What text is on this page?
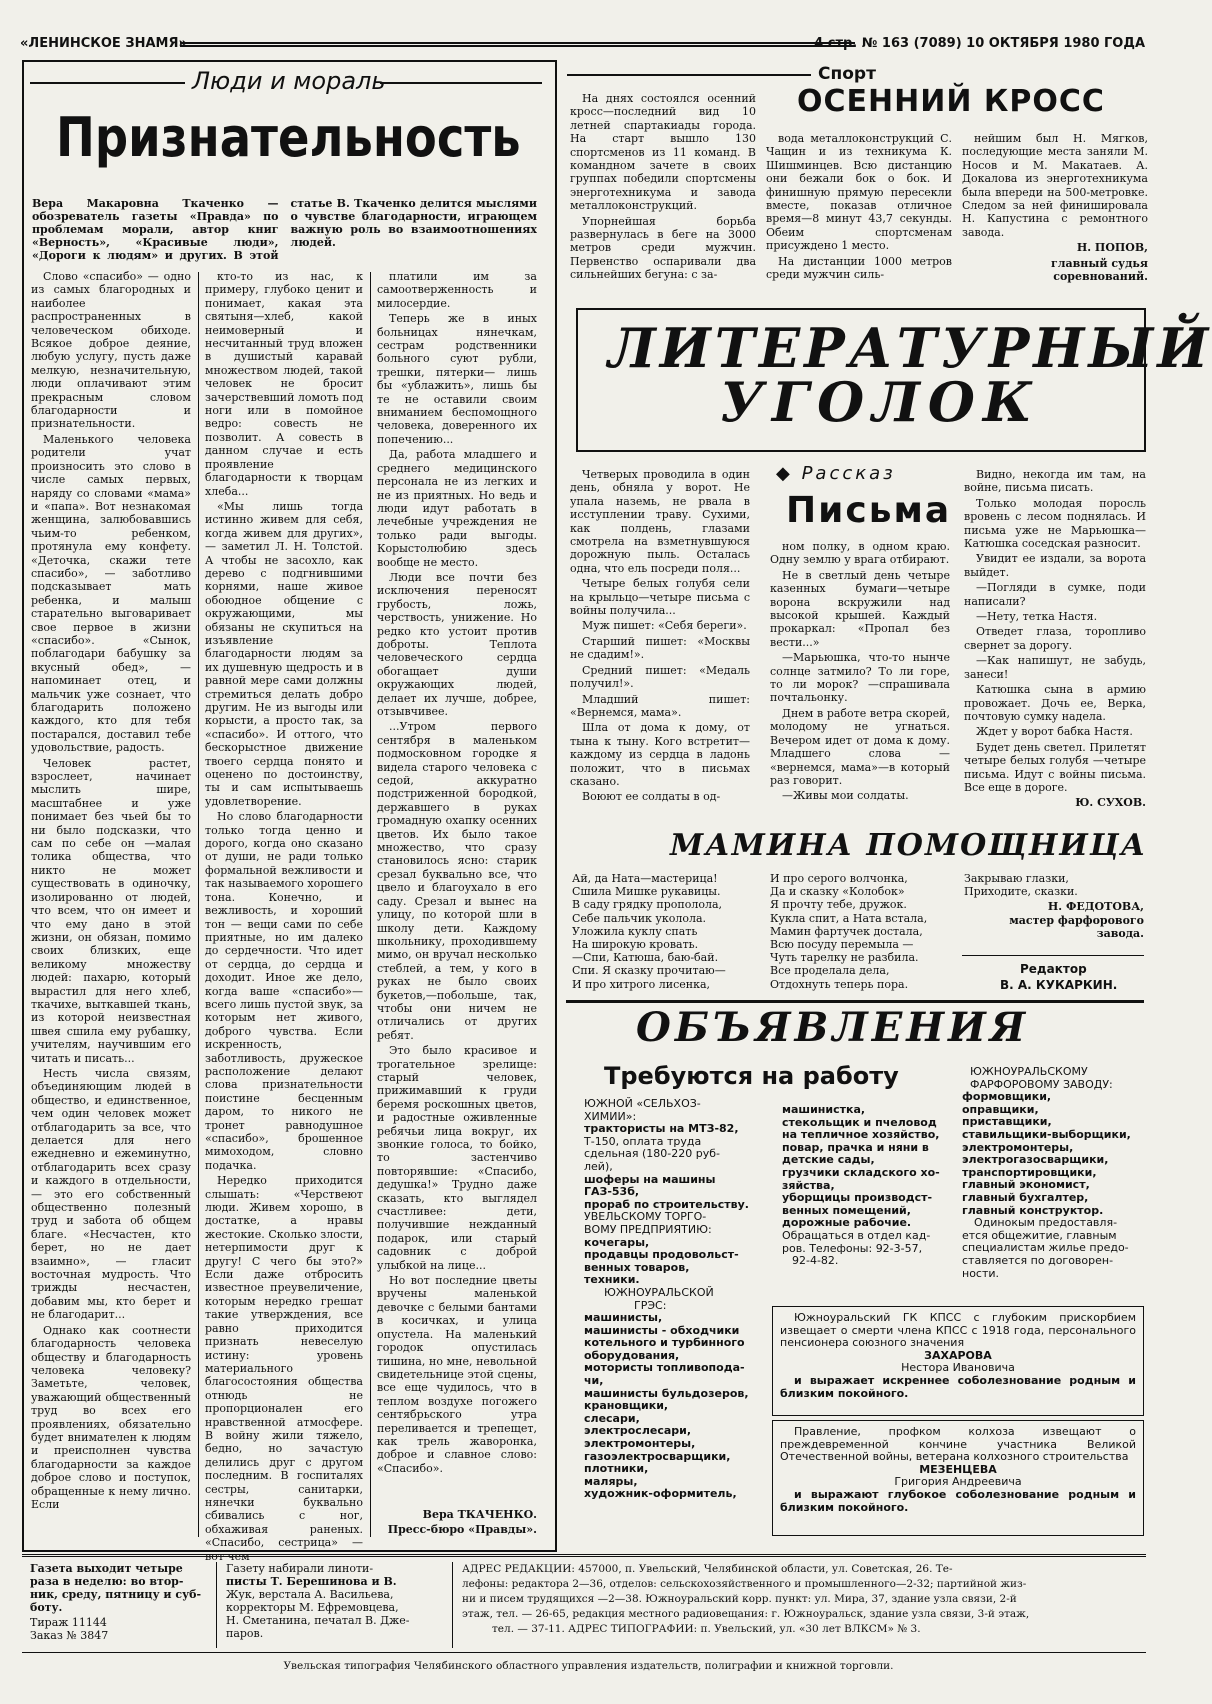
«ЛЕНИНСКОЕ ЗНАМЯ»	4 стр. № 163 (7089) 10 ОКТЯБРЯ 1980 ГОДА
Люди и мораль
Признательность
Вера Макаровна Ткаченко —обозреватель газеты «Правда» по проблемам морали, автор книг «Верность», «Красивые люди», «Дороги к людям» и других. В этой статье В. Ткаченко делится мыслями о чувстве благодарности, играющем важную роль во взаимоотношениях людей.

Слово «спасибо» — одно из самых благородных и наиболее распространенных в человеческом обиходе. Всякое доброе деяние, любую услугу, пусть даже мелкую, незначительную, люди оплачивают этим прекрасным словом благодарности и признательности.

Маленького человека родители учат произносить это слово в числе самых первых, наряду со словами «мама» и «папа». Вот незнакомая женщина, залюбовавшись чьим-то ребенком, протянула ему конфету. «Деточка, скажи тете спасибо», — заботливо подсказывает мать ребенка, и малыш старательно выговаривает свое первое в жизни «спасибо». «Сынок, поблагодари бабушку за вкусный обед», —напоминает отец, и мальчик уже сознает, что благодарить положено каждого, кто для тебя постарался, доставил тебе удовольствие, радость.

Человек растет, взрослеет, начинает мыслить шире, масштабнее и уже понимает без чьей бы то ни было подсказки, что сам по себе он —малая толика общества, что никто не может существовать в одиночку, изолированно от людей, что всем, что он имеет и что ему дано в этой жизни, он обязан, помимо своих близких, еще великому множеству людей: пахарю, который вырастил для него хлеб, ткачихе, выткавшей ткань, из которой неизвестная швея сшила ему рубашку, учителям, научившим его читать и писать...

Несть числа связям, объединяющим людей в общество, и единственное, чем один человек может отблагодарить за все, что делается для него ежедневно и ежеминутно, отблагодарить всех сразу и каждого в отдельности, — это его собственный общественно полезный труд и забота об общем благе. «Несчастен, кто берет, но не дает взаимно», — гласит восточная мудрость. Что трижды несчастен, добавим мы, кто берет и не благодарит...

Однако как соотнести благодарность человека обществу и благодарность человека человеку? Заметьте, человек, уважающий общественный труд во всех его проявлениях, обязательно будет внимателен к людям и преисполнен чувства благодарности за каждое доброе слово и поступок, обращенные к нему лично. Если

кто-то из нас, к примеру, глубоко ценит и понимает, какая эта святыня—хлеб, какой неимоверный и несчитанный труд вложен в душистый каравай множеством людей, такой человек не бросит зачерствевший ломоть под ноги или в помойное ведро: совесть не позволит. А совесть в данном случае и есть проявление благодарности к творцам хлеба...

«Мы лишь тогда истинно живем для себя, когда живем для других», — заметил Л. Н. Толстой. А чтобы не засохло, как дерево с подгнившими корнями, наше живое обоюдное общение с окружающими, мы обязаны не скупиться на изъявление благодарности людям за их душевную щедрость и в равной мере сами должны стремиться делать добро другим. Не из выгоды или корысти, а просто так, за «спасибо». И оттого, что бескорыстное движение твоего сердца понято и оценено по достоинству, ты и сам испытываешь удовлетворение.

Но слово благодарности только тогда ценно и дорого, когда оно сказано от души, не ради только формальной вежливости и так называемого хорошего тона. Конечно, и вежливость, и хороший тон — вещи сами по себе приятные, но им далеко до сердечности. Что идет от сердца, до сердца и доходит. Иное же дело, когда ваше «спасибо»— всего лишь пустой звук, за которым нет живого, доброго чувства. Если искренность, заботливость, дружеское расположение делают слова признательности поистине бесценным даром, то никого не тронет равнодушное «спасибо», брошенное мимоходом, словно подачка.

Нередко приходится слышать: «Черствеют люди. Живем хорошо, в достатке, а нравы жестокие. Сколько злости, нетерпимости друг к другу! С чего бы это?» Если даже отбросить известное преувеличение, которым нередко грешат такие утверждения, все равно приходится признать невеселую истину: уровень материального благосостояния общества отнюдь не пропорционален его нравственной атмосфере. В войну жили тяжело, бедно, но зачастую делились друг с другом последним. В госпиталях сестры, санитарки, нянечки буквально сбивались с ног, обхаживая раненых. «Спасибо, сестрица» — вот чем

платили им за самоотверженность и милосердие.

Теперь же в иных больницах нянечкам, сестрам родственники больного суют рубли, трешки, пятерки— лишь бы «ублажить», лишь бы те не оставили своим вниманием беспомощного человека, доверенного их попечению...

Да, работа младшего и среднего медицинского персонала не из легких и не из приятных. Но ведь и люди идут работать в лечебные учреждения не только ради выгоды. Корыстолюбию здесь вообще не место.

Люди все почти без исключения переносят грубость, ложь, черствость, унижение. Но редко кто устоит против доброты. Теплота человеческого сердца обогащает души окружающих людей, делает их лучше, добрее, отзывчивее.

...Утром первого сентября в маленьком подмосковном городке я видела старого человека с седой, аккуратно подстриженной бородкой, державшего в руках громадную охапку осенних цветов. Их было такое множество, что сразу становилось ясно: старик срезал буквально все, что цвело и благоухало в его саду. Срезал и вынес на улицу, по которой шли в школу дети. Каждому школьнику, проходившему мимо, он вручал несколько стеблей, а тем, у кого в руках не было своих букетов,—побольше, так, чтобы они ничем не отличались от других ребят.

Это было красивое и трогательное зрелище: старый человек, прижимавший к груди беремя роскошных цветов, и радостные оживленные ребячьи лица вокруг, их звонкие голоса, то бойко, то застенчиво повторявшие: «Спасибо, дедушка!» Трудно даже сказать, кто выглядел счастливее: дети, получившие нежданный подарок, или старый садовник с доброй улыбкой на лице...

Но вот последние цветы вручены маленькой девочке с белыми бантами в косичках, и улица опустела. На маленький городок опустилась тишина, но мне, невольной свидетельнице этой сцены, все еще чудилось, что в теплом воздухе погожего сентябрьского утра переливается и трепещет, как трель жаворонка, доброе и славное слово: «Спасибо».

Вера ТКАЧЕНКО.

Пресс-бюро «Правды».

Спорт
ОСЕННИЙ КРОСС

На днях состоялся осенний кросс—последний вид 10 летней спартакиады города. На старт вышло 130 спортсменов из 11 команд. В командном зачете в своих группах победили спортсмены энерготехникума и завода металлоконструкций.

Упорнейшая борьба развернулась в беге на 3000 метров среди мужчин. Первенство оспаривали два сильнейших бегуна: с за-

вода металлоконструкций С. Чащин и из техникума К. Шишминцев. Всю дистанцию они бежали бок о бок. И финишную прямую пересекли вместе, показав отличное время—8 минут 43,7 секунды. Обеим спортсменам присуждено 1 место.

На дистанции 1000 метров среди мужчин силь-

нейшим был Н. Мягков, последующие места заняли М. Носов и М. Макатаев. А. Докалова из энерготехникума была впереди на 500-метровке. Следом за ней финишировала Н. Капустина с ремонтного завода.

Н. ПОПОВ,

главный судья соревнований.

ЛИТЕРАТУРНЫЙ
УГОЛОК

Четверых проводила в один день, обняла у ворот. Не упала наземь, не рвала в исступлении траву. Сухими, как полдень, глазами смотрела на взметнувшуюся дорожную пыль. Осталась одна, что ель посреди поля...

Четыре белых голубя сели на крыльцо—четыре письма с войны получила...

Муж пишет: «Себя береги».

Старший пишет: «Москвы не сдадим!».

Средний пишет: «Медаль получил!».

Младший пишет: «Вернемся, мама».

Шла от дома к дому, от тына к тыну. Кого встретит—каждому из сердца в ладонь положит, что в письмах сказано.

Воюют ее солдаты в од-

◆ Рассказ
Письма

ном полку, в одном краю. Одну землю у врага отбирают.

Не в светлый день четыре казенных бумаги—четыре ворона вскружили над высокой крышей. Каждый прокаркал: «Пропал без вести...»

—Марьюшка, что-то нынче солнце затмило? То ли горе, то ли морок? —спрашивала почтальонку.

Днем в работе ветра скорей, молодому не угнаться. Вечером идет от дома к дому. Младшего слова — «вернемся, мама»—в который раз говорит.

—Живы мои солдаты.

Видно, некогда им там, на войне, письма писать.

Только молодая поросль вровень с лесом поднялась. И письма уже не Марьюшка—Катюшка соседская разносит.

Увидит ее издали, за ворота выйдет.

—Погляди в сумке, поди написали?

—Нету, тетка Настя.

Отведет глаза, торопливо свернет за дорогу.

—Как напишут, не забудь, занеси!

Катюшка сына в армию провожает. Дочь ее, Верка, почтовую сумку надела.

Ждет у ворот бабка Настя.

Будет день светел. Прилетят четыре белых голубя —четыре письма. Идут с войны письма. Все еще в дороге.

Ю. СУХОВ.

МАМИНА ПОМОЩНИЦА
Ай, да Ната—мастерица!
Сшила Мишке рукавицы.
В саду грядку прополола,
Себе пальчик уколола.
Уложила куклу спать
На широкую кровать.
—Спи, Катюша, баю-бай.
Спи. Я сказку прочитаю—
И про хитрого лисенка,
И про серого волчонка,
Да и сказку «Колобок»
Я прочту тебе, дружок.
Кукла спит, а Ната встала,
Мамин фартучек достала,
Всю посуду перемыла —
Чуть тарелку не разбила.
Все проделала дела,
Отдохнуть теперь пора.
Закрываю глазки,
Приходите, сказки.
Н. ФЕДОТОВА,
мастер фарфорового завода.
Редактор
В. А. КУКАРКИН.
ОБЪЯВЛЕНИЯ
Требуются на работу
ЮЖНОЙ «СЕЛЬХОЗ-
ХИМИИ»:
трактористы на МТЗ-82,
Т-150, оплата труда
сдельная (180-220 руб-
лей),
шоферы на машины
ГАЗ-53б,
прораб по строительству.
УВЕЛЬСКОМУ ТОРГО-
ВОМУ ПРЕДПРИЯТИЮ:
кочегары,
продавцы продовольст-
венных товаров,
техники.
ЮЖНОУРАЛЬСКОЙ
ГРЭС:
машинисты,
машинисты - обходчики
котельного и турбинного
оборудования,
мотористы топливопода-
чи,
машинисты бульдозеров,
крановщики,
слесари,
электрослесари,
электромонтеры,
газоэлектросварщики,
плотники,
маляры,
художник-оформитель,
машинистка,
стекольщик и пчеловод
на тепличное хозяйство,
повар, прачка и няни в
детские сады,
грузчики складского хо-
зяйства,
уборщицы производст-
венных помещений,
дорожные рабочие.
Обращаться в отдел кад-
ров. Телефоны: 92-3-57,
92-4-82.
ЮЖНОУРАЛЬСКОМУ
ФАРФОРОВОМУ ЗАВОДУ:
формовщики,
оправщики,
приставщики,
ставильщики-выборщики,
электромонтеры,
электрогазосварщики,
транспортировщики,
главный экономист,
главный бухгалтер,
главный конструктор.
Одинокым предоставля-
ется общежитие, главным
специалистам жилье предо-
ставляется по договорен-
ности.
Южноуральский ГК КПСС с глубоким прискорбием извещает о смерти члена КПСС с 1918 года, персонального пенсионера союзного значения
ЗАХАРОВА
Нестора Ивановича
и выражает искреннее соболезнование родным и близким покойного.
Правление, профком колхоза извещают о преждевременной кончине участника Великой Отечественной войны, ветерана колхозного строительства
МЕЗЕНЦЕВА
Григория Андреевича
и выражают глубокое соболезнование родным и близким покойного.
Газета выходит четыре
раза в неделю: во втор-
ник, среду, пятницу и суб-
боту.
Тираж 11144
Заказ № 3847
Газету набирали линоти-
писты Т. Берешинова и В.
Жук, верстала А. Васильева,
корректоры М. Ефремовцева,
Н. Сметанина, печатал В. Дже-
паров.
АДРЕС РЕДАКЦИИ: 457000, п. Увельский, Челябинской области, ул. Советская, 26. Те-
лефоны: редактора 2—36, отделов: сельскохозяйственного и промышленного—2-32; партийной жиз-
ни и писем трудящихся —2—38. Южноуральский корр. пункт: ул. Мира, 37, здание узла связи, 2-й
этаж, тел. — 26-65, редакция местного радиовещания: г. Южноуральск, здание узла связи, 3-й этаж,
тел. — 37-11. АДРЕС ТИПОГРАФИИ: п. Увельский, ул. «30 лет ВЛКСМ» № 3.
Увельская типография Челябинского областного управления издательств, полиграфии и книжной торговли.
